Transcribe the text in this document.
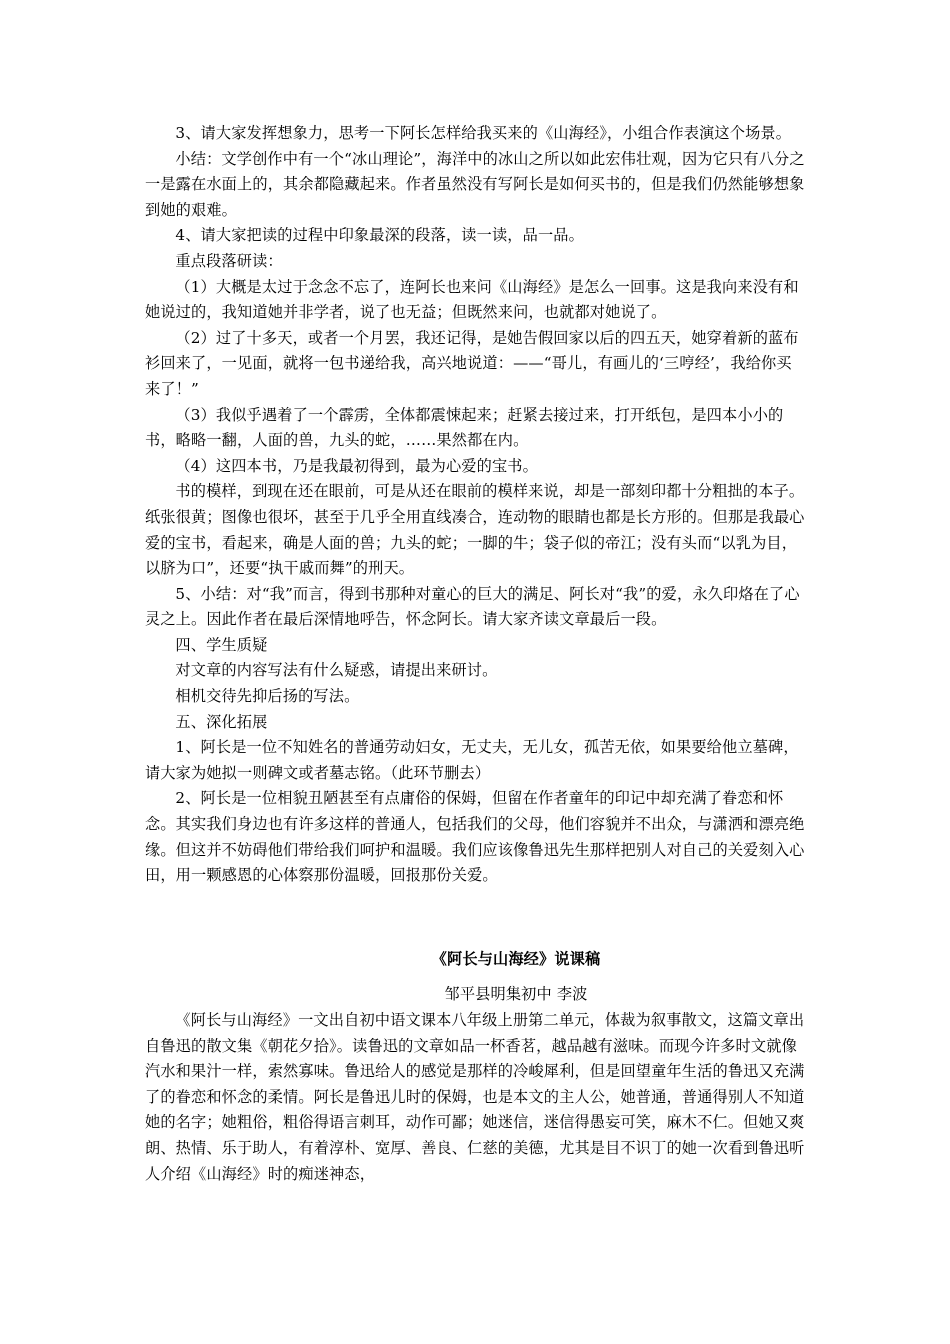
3、请大家发挥想象力，思考一下阿长怎样给我买来的《山海经》，小组合作表演这个场景。

小结：文学创作中有一个“冰山理论”，海洋中的冰山之所以如此宏伟壮观，因为它只有八分之一是露在水面上的，其余都隐藏起来。作者虽然没有写阿长是如何买书的，但是我们仍然能够想象到她的艰难。

4、请大家把读的过程中印象最深的段落，读一读，品一品。

重点段落研读：

（1）大概是太过于念念不忘了，连阿长也来问《山海经》是怎么一回事。这是我向来没有和她说过的，我知道她并非学者，说了也无益；但既然来问，也就都对她说了。

（2）过了十多天，或者一个月罢，我还记得，是她告假回家以后的四五天，她穿着新的蓝布衫回来了，一见面，就将一包书递给我，高兴地说道：——“哥儿，有画儿的‘三哼经’，我给你买来了！”

（3）我似乎遇着了一个霹雳，全体都震悚起来；赶紧去接过来，打开纸包，是四本小小的书，略略一翻，人面的兽，九头的蛇，……果然都在内。

（4）这四本书，乃是我最初得到，最为心爱的宝书。

书的模样，到现在还在眼前，可是从还在眼前的模样来说，却是一部刻印都十分粗拙的本子。纸张很黄；图像也很坏，甚至于几乎全用直线凑合，连动物的眼睛也都是长方形的。但那是我最心爱的宝书，看起来，确是人面的兽；九头的蛇；一脚的牛；袋子似的帝江；没有头而“以乳为目，以脐为口”，还要“执干戚而舞”的刑天。

5、小结：对“我”而言，得到书那种对童心的巨大的满足、阿长对“我”的爱，永久印烙在了心灵之上。因此作者在最后深情地呼告，怀念阿长。请大家齐读文章最后一段。

四、学生质疑

对文章的内容写法有什么疑惑，请提出来研讨。

相机交待先抑后扬的写法。

五、深化拓展

1、阿长是一位不知姓名的普通劳动妇女，无丈夫，无儿女，孤苦无依，如果要给他立墓碑，请大家为她拟一则碑文或者墓志铭。（此环节删去）

2、阿长是一位相貌丑陋甚至有点庸俗的保姆，但留在作者童年的印记中却充满了眷恋和怀念。其实我们身边也有许多这样的普通人，包括我们的父母，他们容貌并不出众，与潇洒和漂亮绝缘。但这并不妨碍他们带给我们呵护和温暖。我们应该像鲁迅先生那样把别人对自己的关爱刻入心田，用一颗感恩的心体察那份温暖，回报那份关爱。

《阿长与山海经》说课稿

邹平县明集初中 李波

《阿长与山海经》一文出自初中语文课本八年级上册第二单元，体裁为叙事散文，这篇文章出自鲁迅的散文集《朝花夕拾》。读鲁迅的文章如品一杯香茗，越品越有滋味。而现今许多时文就像汽水和果汁一样，索然寡味。鲁迅给人的感觉是那样的冷峻犀利，但是回望童年生活的鲁迅又充满了的眷恋和怀念的柔情。阿长是鲁迅儿时的保姆，也是本文的主人公，她普通，普通得别人不知道她的名字；她粗俗，粗俗得语言刺耳，动作可鄙；她迷信，迷信得愚妄可笑，麻木不仁。但她又爽朗、热情、乐于助人，有着淳朴、宽厚、善良、仁慈的美德，尤其是目不识丁的她一次看到鲁迅听人介绍《山海经》时的痴迷神态，
